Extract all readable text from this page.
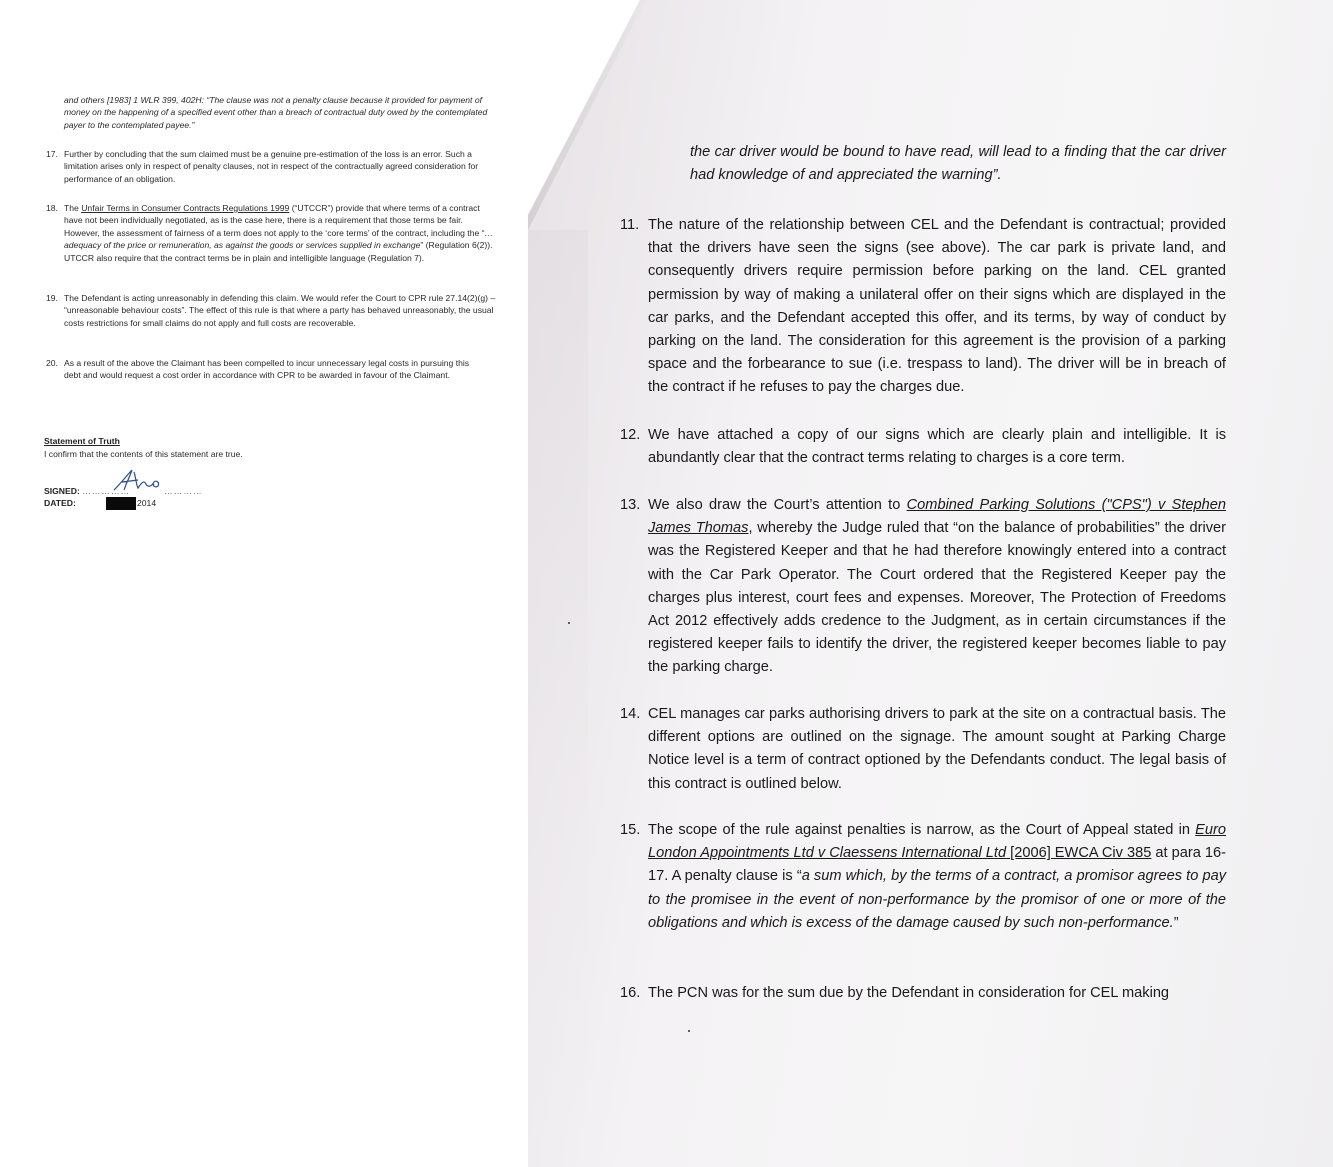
and others [1983] 1 WLR 399, 402H: “The clause was not a penalty clause because it provided for payment of money on the happening of a specified event other than a breach of contractual duty owed by the contemplated payer to the contemplated payee.”
17. Further by concluding that the sum claimed must be a genuine pre-estimation of the loss is an error. Such a limitation arises only in respect of penalty clauses, not in respect of the contractually agreed consideration for performance of an obligation.
18. The Unfair Terms in Consumer Contracts Regulations 1999 (“UTCCR”) provide that where terms of a contract have not been individually negotiated, as is the case here, there is a requirement that those terms be fair. However, the assessment of fairness of a term does not apply to the ‘core terms’ of the contract, including the “…adequacy of the price or remuneration, as against the goods or services supplied in exchange” (Regulation 6(2)). UTCCR also require that the contract terms be in plain and intelligible language (Regulation 7).
19. The Defendant is acting unreasonably in defending this claim. We would refer the Court to CPR rule 27.14(2)(g) – “unreasonable behaviour costs”. The effect of this rule is that where a party has behaved unreasonably, the usual costs restrictions for small claims do not apply and full costs are recoverable.
20. As a result of the above the Claimant has been compelled to incur unnecessary legal costs in pursuing this debt and would request a cost order in accordance with CPR to be awarded in favour of the Claimant.
Statement of Truth
I confirm that the contents of this statement are true.
SIGNED: ……………	…………
DATED:	2014
the car driver would be bound to have read, will lead to a finding that the car driver had knowledge of and appreciated the warning”.
11. The nature of the relationship between CEL and the Defendant is contractual; provided that the drivers have seen the signs (see above). The car park is private land, and consequently drivers require permission before parking on the land. CEL granted permission by way of making a unilateral offer on their signs which are displayed in the car parks, and the Defendant accepted this offer, and its terms, by way of conduct by parking on the land. The consideration for this agreement is the provision of a parking space and the forbearance to sue (i.e. trespass to land). The driver will be in breach of the contract if he refuses to pay the charges due.
12. We have attached a copy of our signs which are clearly plain and intelligible. It is abundantly clear that the contract terms relating to charges is a core term.
13. We also draw the Court’s attention to Combined Parking Solutions ("CPS") v Stephen James Thomas, whereby the Judge ruled that “on the balance of probabilities” the driver was the Registered Keeper and that he had therefore knowingly entered into a contract with the Car Park Operator. The Court ordered that the Registered Keeper pay the charges plus interest, court fees and expenses. Moreover, The Protection of Freedoms Act 2012 effectively adds credence to the Judgment, as in certain circumstances if the registered keeper fails to identify the driver, the registered keeper becomes liable to pay the parking charge.
14. CEL manages car parks authorising drivers to park at the site on a contractual basis. The different options are outlined on the signage. The amount sought at Parking Charge Notice level is a term of contract optioned by the Defendants conduct. The legal basis of this contract is outlined below.
15. The scope of the rule against penalties is narrow, as the Court of Appeal stated in Euro London Appointments Ltd v Claessens International Ltd [2006] EWCA Civ 385 at para 16-17. A penalty clause is “a sum which, by the terms of a contract, a promisor agrees to pay to the promisee in the event of non-performance by the promisor of one or more of the obligations and which is excess of the damage caused by such non-performance.”
16. The PCN was for the sum due by the Defendant in consideration for CEL making
